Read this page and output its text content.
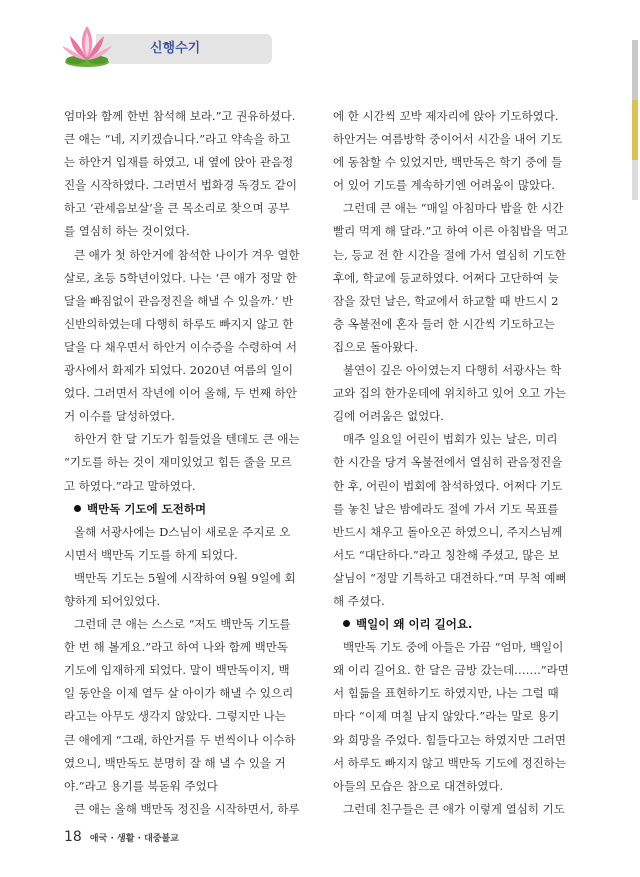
신행수기
엄마와 함께 한번 참석해 보라.”고 권유하셨다.
큰 애는 “네, 지키겠습니다.”라고 약속을 하고
는 하안거 입재를 하였고, 내 옆에 앉아 관음정
진을 시작하였다. 그러면서 법화경 독경도 같이
하고 ‘관세음보살’을 큰 목소리로 찾으며 공부
를 열심히 하는 것이었다.
큰 애가 첫 하안거에 참석한 나이가 겨우 열한
살로, 초등 5학년이었다. 나는 ‘큰 애가 정말 한
달을 빠짐없이 관음정진을 해낼 수 있을까.’ 반
신반의하였는데 다행히 하루도 빠지지 않고 한
달을 다 채우면서 하안거 이수증을 수령하여 서
광사에서 화제가 되었다. 2020년 여름의 일이
었다. 그러면서 작년에 이어 올해, 두 번째 하안
거 이수를 달성하였다.
하안거 한 달 기도가 힘들었을 텐데도 큰 애는
“기도를 하는 것이 재미있었고 힘든 줄을 모르
고 하였다.”라고 말하였다.
백만독 기도에 도전하며
올해 서광사에는 D스님이 새로운 주지로 오
시면서 백만독 기도를 하게 되었다.
백만독 기도는 5월에 시작하여 9월 9일에 회
향하게 되어있었다.
그런데 큰 애는 스스로 “저도 백만독 기도를
한 번 해 볼게요.”라고 하여 나와 함께 백만독
기도에 입재하게 되었다. 말이 백만독이지, 백
일 동안을 이제 열두 살 아이가 해낼 수 있으리
라고는 아무도 생각지 않았다. 그렇지만 나는
큰 애에게 “그래, 하안거를 두 번씩이나 이수하
였으니, 백만독도 분명히 잘 해 낼 수 있을 거
야.”라고 용기를 북돋워 주었다
큰 애는 올해 백만독 정진을 시작하면서, 하루
에 한 시간씩 꼬박 제자리에 앉아 기도하였다.
하안거는 여름방학 중이어서 시간을 내어 기도
에 동참할 수 있었지만, 백만독은 학기 중에 들
어 있어 기도를 계속하기엔 어려움이 많았다.
그런데 큰 애는 “매일 아침마다 밥을 한 시간
빨리 먹게 해 달라.”고 하여 이른 아침밥을 먹고
는, 등교 전 한 시간을 절에 가서 열심히 기도한
후에, 학교에 등교하였다. 어쩌다 고단하여 늦
잠을 잤던 날은, 학교에서 하교할 때 반드시 2
층 옥불전에 혼자 들러 한 시간씩 기도하고는
집으로 돌아왔다.
불연이 깊은 아이였는지 다행히 서광사는 학
교와 집의 한가운데에 위치하고 있어 오고 가는
길에 어려움은 없었다.
매주 일요일 어린이 법회가 있는 날은, 미리
한 시간을 당겨 옥불전에서 열심히 관음정진을
한 후, 어린이 법회에 참석하였다. 어쩌다 기도
를 놓친 날은 밤에라도 절에 가서 기도 목표를
반드시 채우고 돌아오곤 하였으니, 주지스님께
서도 “대단하다.”라고 칭찬해 주셨고, 많은 보
살님이 “정말 기특하고 대견하다.”며 무척 예뻐
해 주셨다.
백일이 왜 이리 길어요.
백만독 기도 중에 아들은 가끔 “엄마, 백일이
왜 이리 길어요. 한 달은 금방 갔는데…….”라면
서 힘듦을 표현하기도 하였지만, 나는 그럴 때
마다 “이제 며칠 남지 않았다.”라는 말로 용기
와 희망을 주었다. 힘들다고는 하였지만 그러면
서 하루도 빠지지 않고 백만독 기도에 정진하는
아들의 모습은 참으로 대견하였다.
그런데 친구들은 큰 애가 이렇게 열심히 기도
18 애국 · 생활 · 대중불교
